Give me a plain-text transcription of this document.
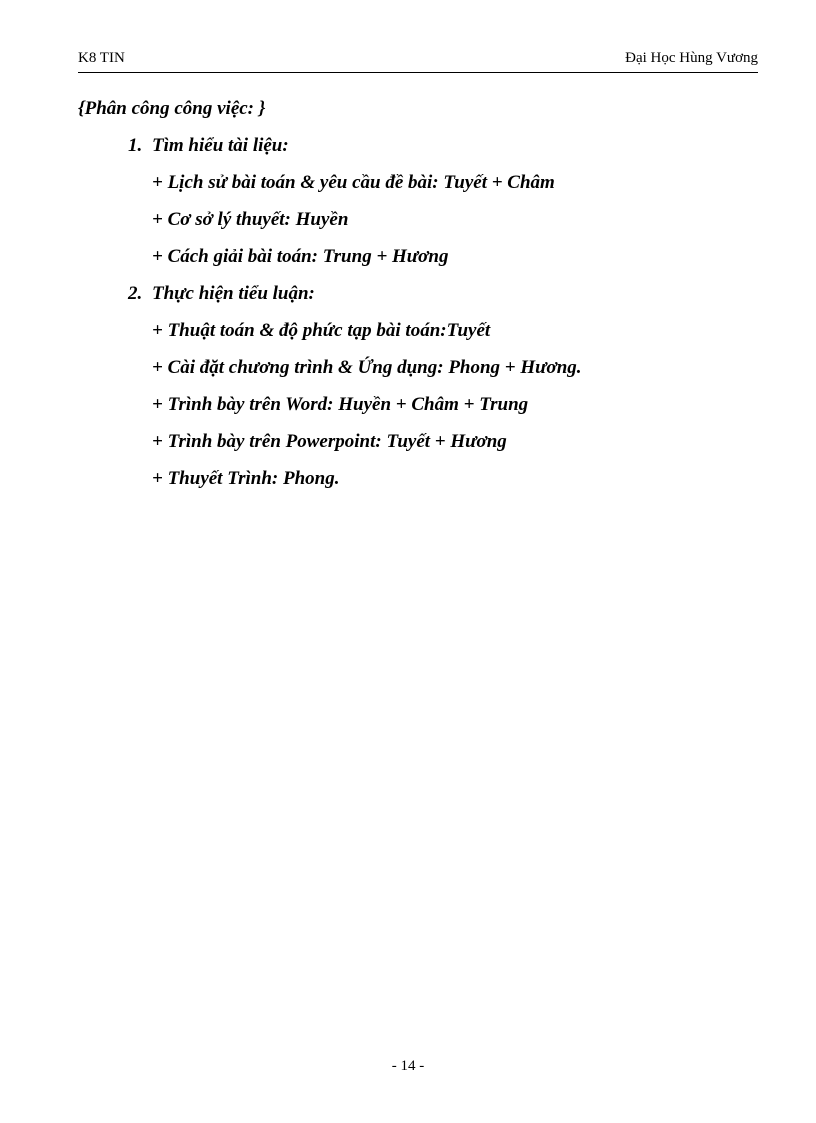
K8 TIN	Đại Học Hùng Vương
{Phân công công việc: }
1. Tìm hiểu tài liệu:
+ Lịch sử bài toán & yêu cầu đề bài: Tuyết + Châm
+ Cơ sở lý thuyết: Huyền
+ Cách giải bài toán: Trung + Hương
2. Thực hiện tiểu luận:
+ Thuật toán & độ phức tạp bài toán:Tuyết
+ Cài đặt chương trình & Ứng dụng: Phong + Hương.
+ Trình bày trên Word: Huyền + Châm + Trung
+ Trình bày trên Powerpoint: Tuyết + Hương
+ Thuyết Trình: Phong.
- 14 -
